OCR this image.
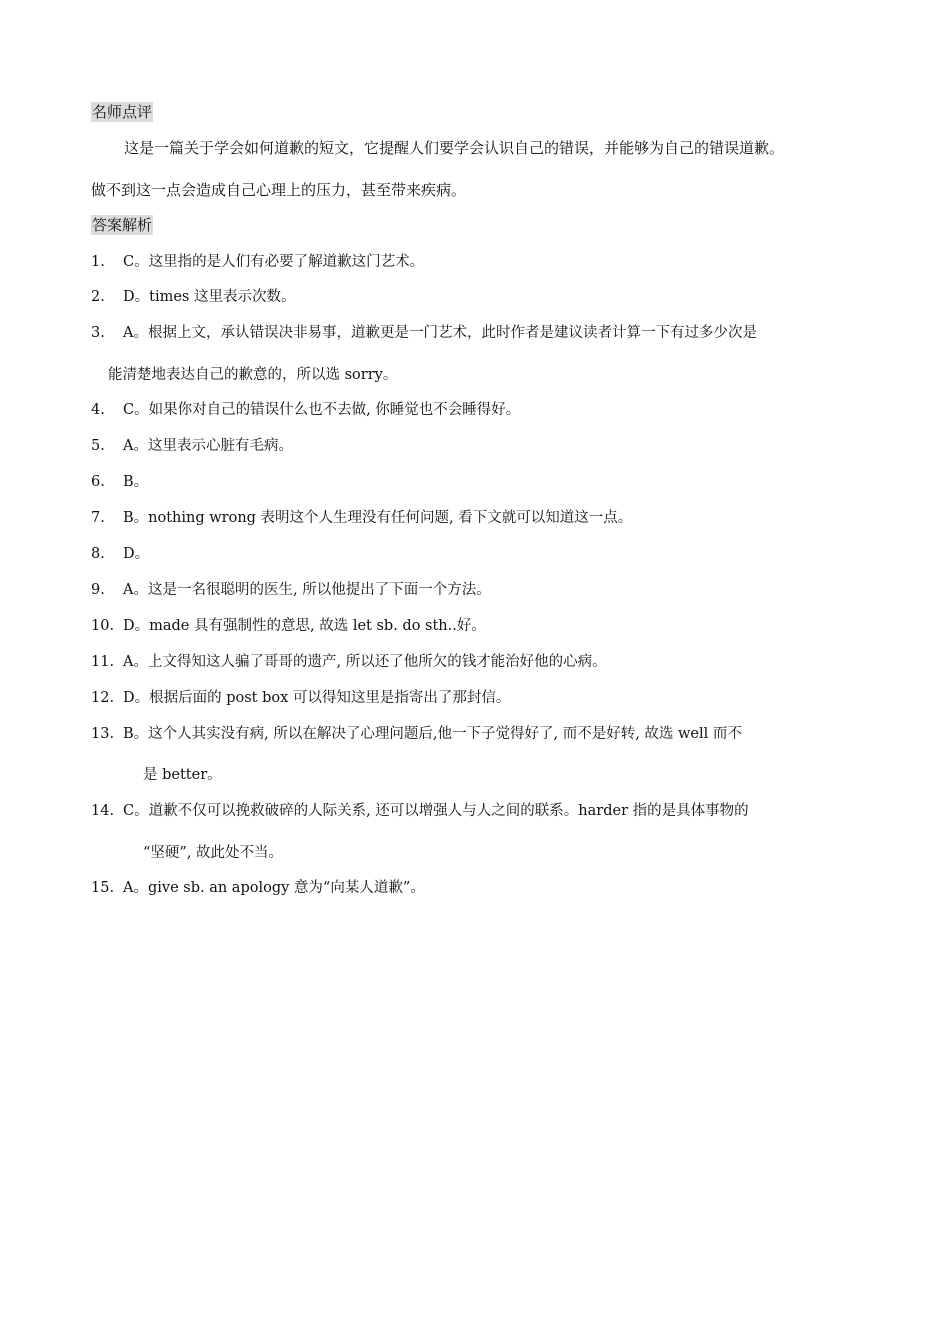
名师点评
这是一篇关于学会如何道歉的短文，它提醒人们要学会认识自己的错误，并能够为自己的错误道歉。
做不到这一点会造成自己心理上的压力，甚至带来疾病。
答案解析
1. C。这里指的是人们有必要了解道歉这门艺术。
2. D。times 这里表示次数。
3. A。根据上文，承认错误决非易事，道歉更是一门艺术，此时作者是建议读者计算一下有过多少次是
能清楚地表达自己的歉意的，所以选 sorry。
4. C。如果你对自己的错误什么也不去做, 你睡觉也不会睡得好。
5. A。这里表示心脏有毛病。
6. B。
7. B。nothing wrong 表明这个人生理没有任何问题, 看下文就可以知道这一点。
8. D。
9. A。这是一名很聪明的医生, 所以他提出了下面一个方法。
10. D。made 具有强制性的意思, 故选 let sb. do sth..好。
11. A。上文得知这人骗了哥哥的遗产, 所以还了他所欠的钱才能治好他的心病。
12. D。根据后面的 post box 可以得知这里是指寄出了那封信。
13. B。这个人其实没有病, 所以在解决了心理问题后,他一下子觉得好了, 而不是好转, 故选 well 而不
是 better。
14. C。道歉不仅可以挽救破碎的人际关系, 还可以增强人与人之间的联系。harder 指的是具体事物的
“坚硬”, 故此处不当。
15. A。give sb. an apology 意为“向某人道歉”。
